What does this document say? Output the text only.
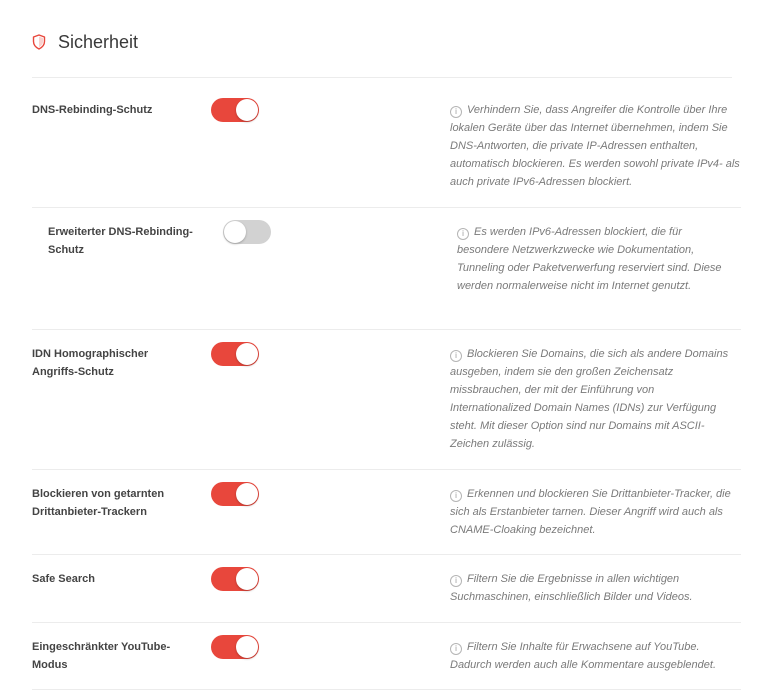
Sicherheit
DNS-Rebinding-Schutz	i Verhindern Sie, dass Angreifer die Kontrolle über Ihre lokalen Geräte über das Internet übernehmen, indem Sie DNS-Antworten, die private IP-Adressen enthalten, automatisch blockieren. Es werden sowohl private IPv4- als auch private IPv6-Adressen blockiert.
Erweiterter DNS-Rebinding-Schutz
i Es werden IPv6-Adressen blockiert, die für besondere Netzwerkzwecke wie Dokumentation, Tunneling oder Paketverwerfung reserviert sind. Diese werden normalerweise nicht im Internet genutzt.
IDN Homographischer Angriffs-Schutz
i Blockieren Sie Domains, die sich als andere Domains ausgeben, indem sie den großen Zeichensatz missbrauchen, der mit der Einführung von Internationalized Domain Names (IDNs) zur Verfügung steht. Mit dieser Option sind nur Domains mit ASCII-Zeichen zulässig.
Blockieren von getarnten Drittanbieter-Trackern
i Erkennen und blockieren Sie Drittanbieter-Tracker, die sich als Erstanbieter tarnen. Dieser Angriff wird auch als CNAME-Cloaking bezeichnet.
Safe Search	i Filtern Sie die Ergebnisse in allen wichtigen Suchmaschinen, einschließlich Bilder und Videos.
Eingeschränkter YouTube-Modus
i Filtern Sie Inhalte für Erwachsene auf YouTube. Dadurch werden auch alle Kommentare ausgeblendet.
